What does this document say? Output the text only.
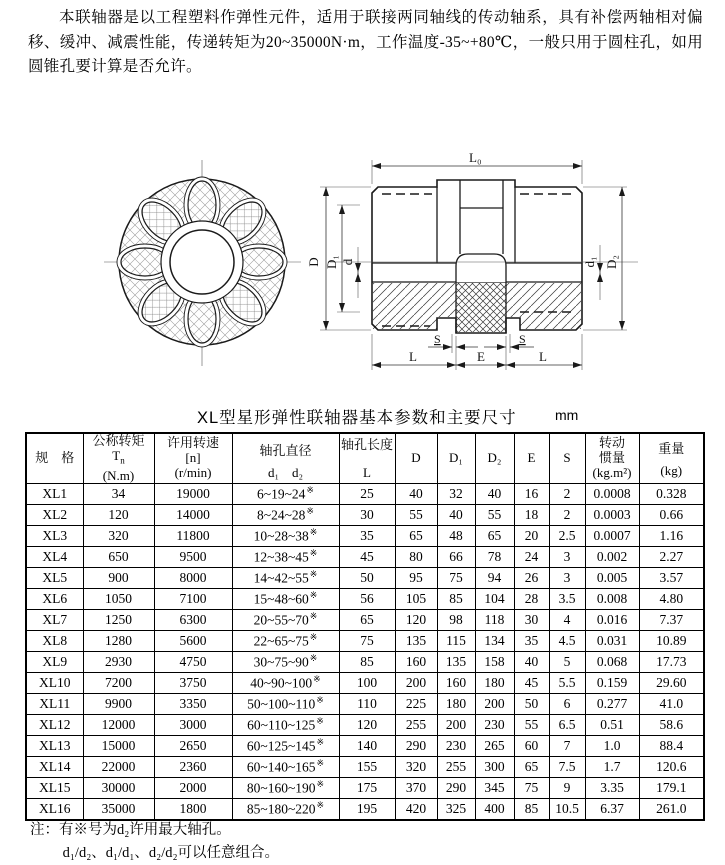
本联轴器是以工程塑料作弹性元件，适用于联接两同轴线的传动轴系，具有补偿两轴相对偏移、缓冲、减震性能，传递转矩为20~35000N·m，工作温度-35~+80℃，一般只用于圆柱孔，如用圆锥孔要计算是否允许。

L₀
D D₁ d	d₁ D₂
S	S
L	E	L
XL型星形弹性联轴器基本参数和主要尺寸	mm
规　格

公称转矩
$T_n$
(N.m)

许用转速
[n]
(r/min)

轴孔直径
d₁　d₂

轴孔长度
L

D	D₁	D₂	E	S

转动
惯量
(kg.m²)

重量
(kg)

XL1	34	19000	6~19~24※	25	40	32	40	16	2	0.0008	0.328
XL2	120	14000	8~24~28※	30	55	40	55	18	2	0.0003	0.66
XL3	320	11800	10~28~38※	35	65	48	65	20	2.5	0.0007	1.16
XL4	650	9500	12~38~45※	45	80	66	78	24	3	0.002	2.27
XL5	900	8000	14~42~55※	50	95	75	94	26	3	0.005	3.57
XL6	1050	7100	15~48~60※	56	105	85	104	28	3.5	0.008	4.80
XL7	1250	6300	20~55~70※	65	120	98	118	30	4	0.016	7.37
XL8	1280	5600	22~65~75※	75	135	115	134	35	4.5	0.031	10.89
XL9	2930	4750	30~75~90※	85	160	135	158	40	5	0.068	17.73
XL10	7200	3750	40~90~100※	100	200	160	180	45	5.5	0.159	29.60
XL11	9900	3350	50~100~110※	110	225	180	200	50	6	0.277	41.0
XL12	12000	3000	60~110~125※	120	255	200	230	55	6.5	0.51	58.6
XL13	15000	2650	60~125~145※	140	290	230	265	60	7	1.0	88.4
XL14	22000	2360	60~140~165※	155	320	255	300	65	7.5	1.7	120.6
XL15	30000	2000	80~160~190※	175	370	290	345	75	9	3.35	179.1
XL16	35000	1800	85~180~220※	195	420	325	400	85	10.5	6.37	261.0
注：有※号为d₂许用最大轴孔。
d₁/d₂、d₁/d₁、d₂/d₂可以任意组合。
